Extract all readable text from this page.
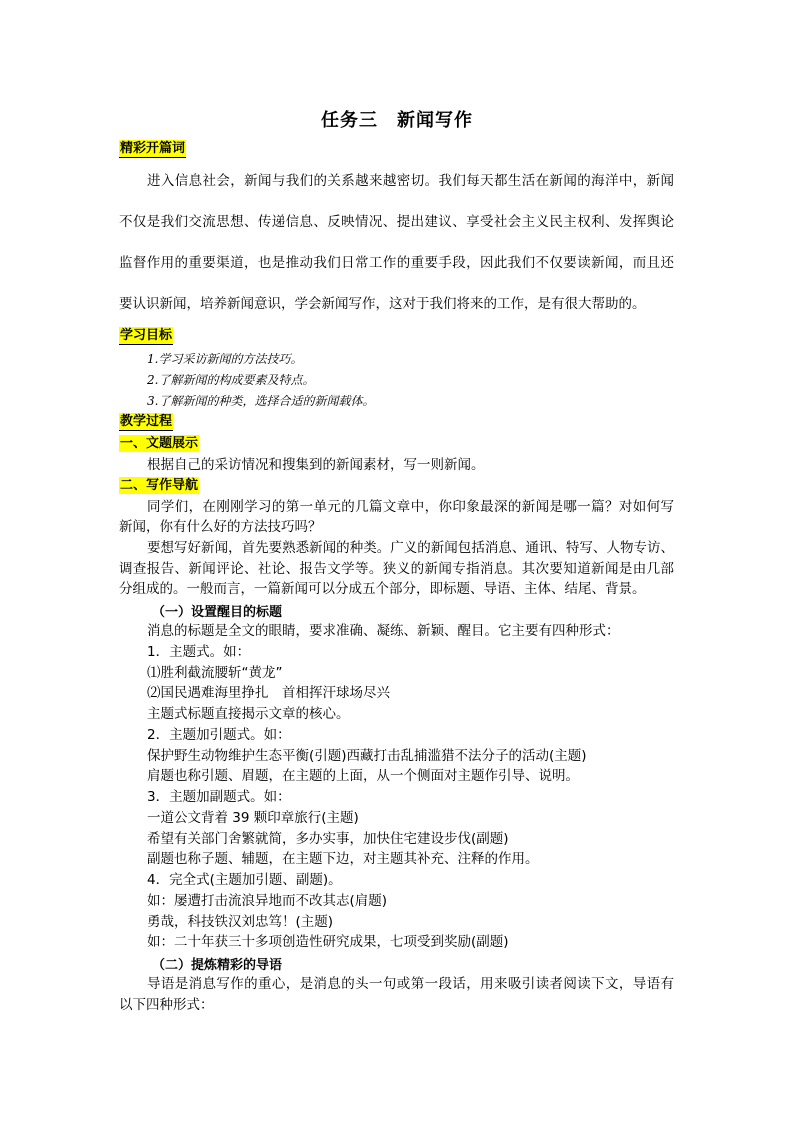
任务三　新闻写作
精彩开篇词
进入信息社会，新闻与我们的关系越来越密切。我们每天都生活在新闻的海洋中，新闻
不仅是我们交流思想、传递信息、反映情况、提出建议、享受社会主义民主权利、发挥舆论
监督作用的重要渠道，也是推动我们日常工作的重要手段，因此我们不仅要读新闻，而且还
要认识新闻，培养新闻意识，学会新闻写作，这对于我们将来的工作，是有很大帮助的。
学习目标
1.学习采访新闻的方法技巧。
2.了解新闻的构成要素及特点。
3.了解新闻的种类，选择合适的新闻载体。
教学过程
一、文题展示
根据自己的采访情况和搜集到的新闻素材，写一则新闻。
二、写作导航
同学们，在刚刚学习的第一单元的几篇文章中，你印象最深的新闻是哪一篇？对如何写
新闻，你有什么好的方法技巧吗？
要想写好新闻，首先要熟悉新闻的种类。广义的新闻包括消息、通讯、特写、人物专访、
调查报告、新闻评论、社论、报告文学等。狭义的新闻专指消息。其次要知道新闻是由几部
分组成的。一般而言，一篇新闻可以分成五个部分，即标题、导语、主体、结尾、背景。
（一）设置醒目的标题
消息的标题是全文的眼睛，要求准确、凝练、新颖、醒目。它主要有四种形式：
1．主题式。如：
⑴胜利截流腰斩“黄龙”
⑵国民遇难海里挣扎　首相挥汗球场尽兴
主题式标题直接揭示文章的核心。
2．主题加引题式。如：
保护野生动物维护生态平衡(引题)西藏打击乱捕滥猎不法分子的活动(主题)
肩题也称引题、眉题，在主题的上面，从一个侧面对主题作引导、说明。
3．主题加副题式。如：
一道公文背着 39 颗印章旅行(主题)
希望有关部门舍繁就简，多办实事，加快住宅建设步伐(副题)
副题也称子题、辅题，在主题下边，对主题其补充、注释的作用。
4．完全式(主题加引题、副题)。
如：屡遭打击流浪异地而不改其志(肩题)
勇哉，科技铁汉刘忠笃！(主题)
如：二十年获三十多项创造性研究成果，七项受到奖励(副题)
（二）提炼精彩的导语
导语是消息写作的重心，是消息的头一句或第一段话，用来吸引读者阅读下文，导语有
以下四种形式：
